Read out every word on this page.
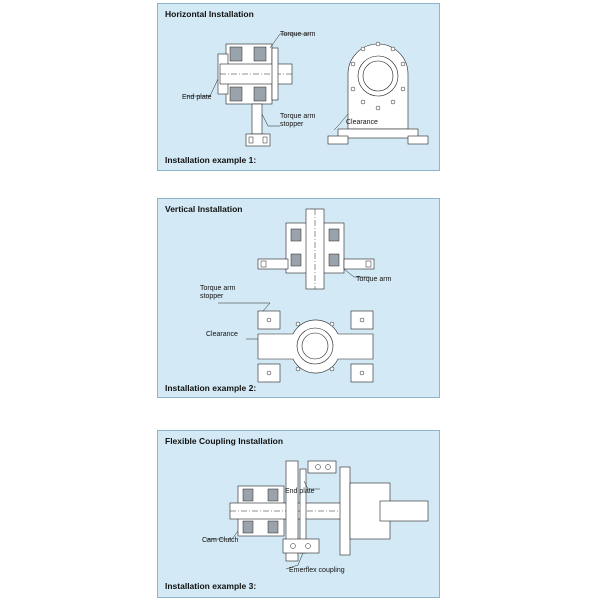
Horizontal Installation
Torque arm
End plate
Torque arm
stopper	Clearance
Installation example 1:
Vertical Installation
Torque arm
Torque arm
stopper
Clearance
Installation example 2:
Flexible Coupling Installation
End plate
Cam Clutch
Emerflex coupling
Installation example 3:
